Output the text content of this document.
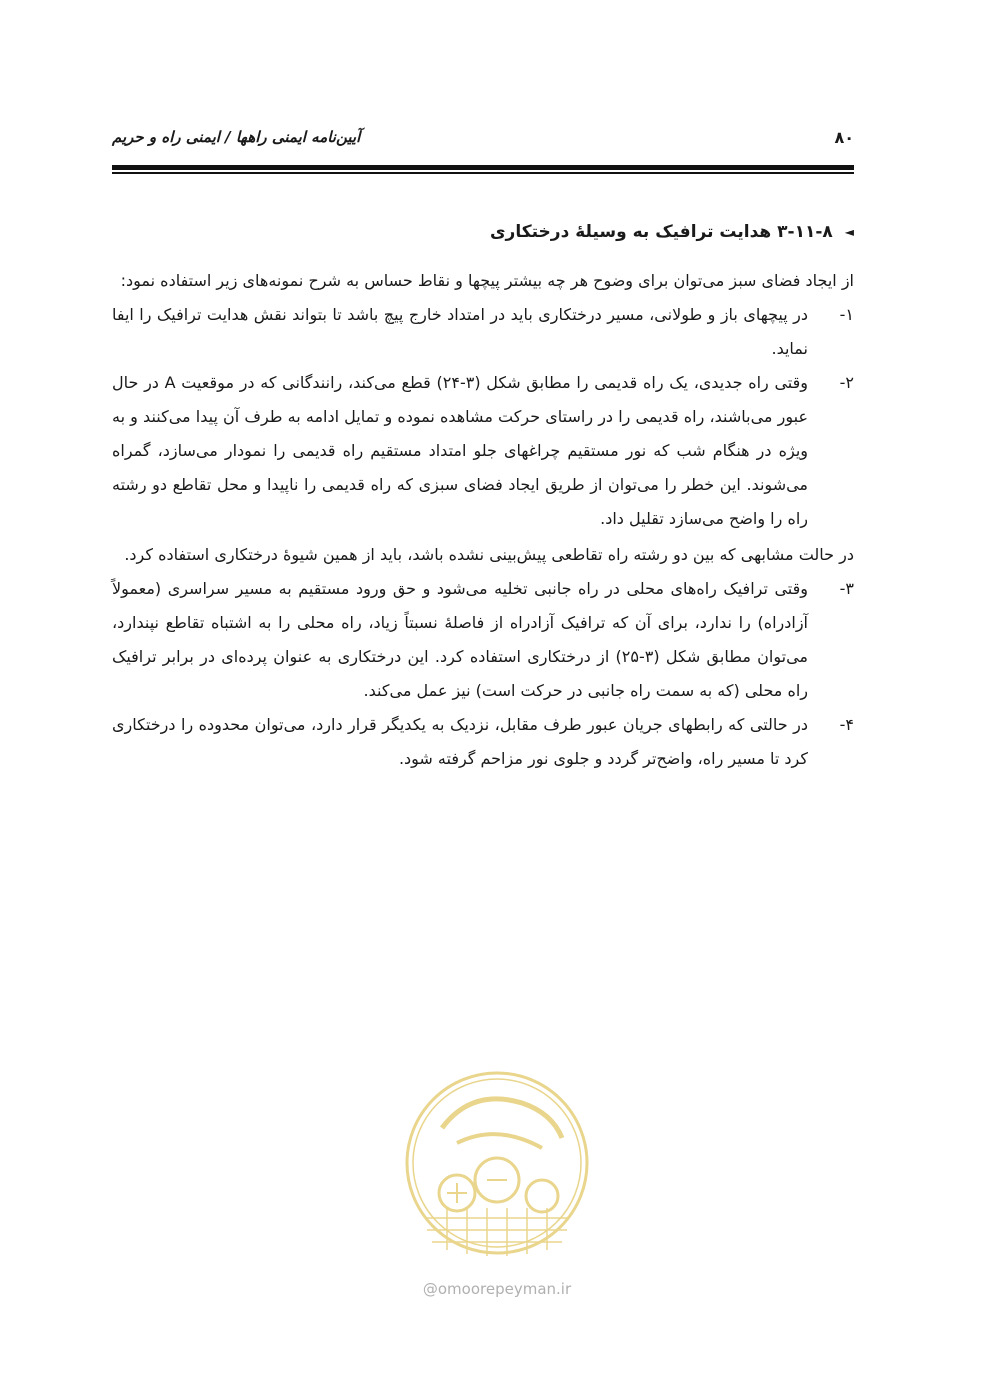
۸۰
آیین‌نامه ایمنی راهها / ایمنی راه و حریم
◄
۳-۱۱-۸ هدایت ترافیک به وسیلهٔ درختکاری

از ایجاد فضای سبز می‌توان برای وضوح هر چه بیشتر پیچها و نقاط حساس به شرح نمونه‌های زیر استفاده نمود:

۱-
در پیچهای باز و طولانی، مسیر درختکاری باید در امتداد خارج پیچ باشد تا بتواند نقش هدایت ترافیک را ایفا نماید.
۲-
وقتی راه جدیدی، یک راه قدیمی را مطابق شکل (۳-۲۴) قطع می‌کند، رانندگانی که در موقعیت A در حال عبور می‌باشند، راه قدیمی را در راستای حرکت مشاهده نموده و تمایل ادامه به طرف آن پیدا می‌کنند و به ویژه در هنگام شب که نور مستقیم چراغهای جلو امتداد مستقیم راه قدیمی را نمودار می‌سازد، گمراه می‌شوند. این خطر را می‌توان از طریق ایجاد فضای سبزی که راه قدیمی را ناپیدا و محل تقاطع دو رشته راه را واضح می‌سازد تقلیل داد.

در حالت مشابهی که بین دو رشته راه تقاطعی پیش‌بینی نشده باشد، باید از همین شیوهٔ درختکاری استفاده کرد.

۳-
وقتی ترافیک راه‌های محلی در راه جانبی تخلیه می‌شود و حق ورود مستقیم به مسیر سراسری (معمولاً آزادراه) را ندارد، برای آن که ترافیک آزادراه از فاصلهٔ نسبتاً زیاد، راه محلی را به اشتباه تقاطع نپندارد، می‌توان مطابق شکل (۳-۲۵) از درختکاری استفاده کرد. این درختکاری به عنوان پرده‌ای در برابر ترافیک راه محلی (که به سمت راه جانبی در حرکت است) نیز عمل می‌کند.
۴-
در حالتی که رابطهای جریان عبور طرف مقابل، نزدیک به یکدیگر قرار دارد، می‌توان محدوده را درختکاری کرد تا مسیر راه، واضح‌تر گردد و جلوی نور مزاحم گرفته شود.
@omoorepeyman.ir
